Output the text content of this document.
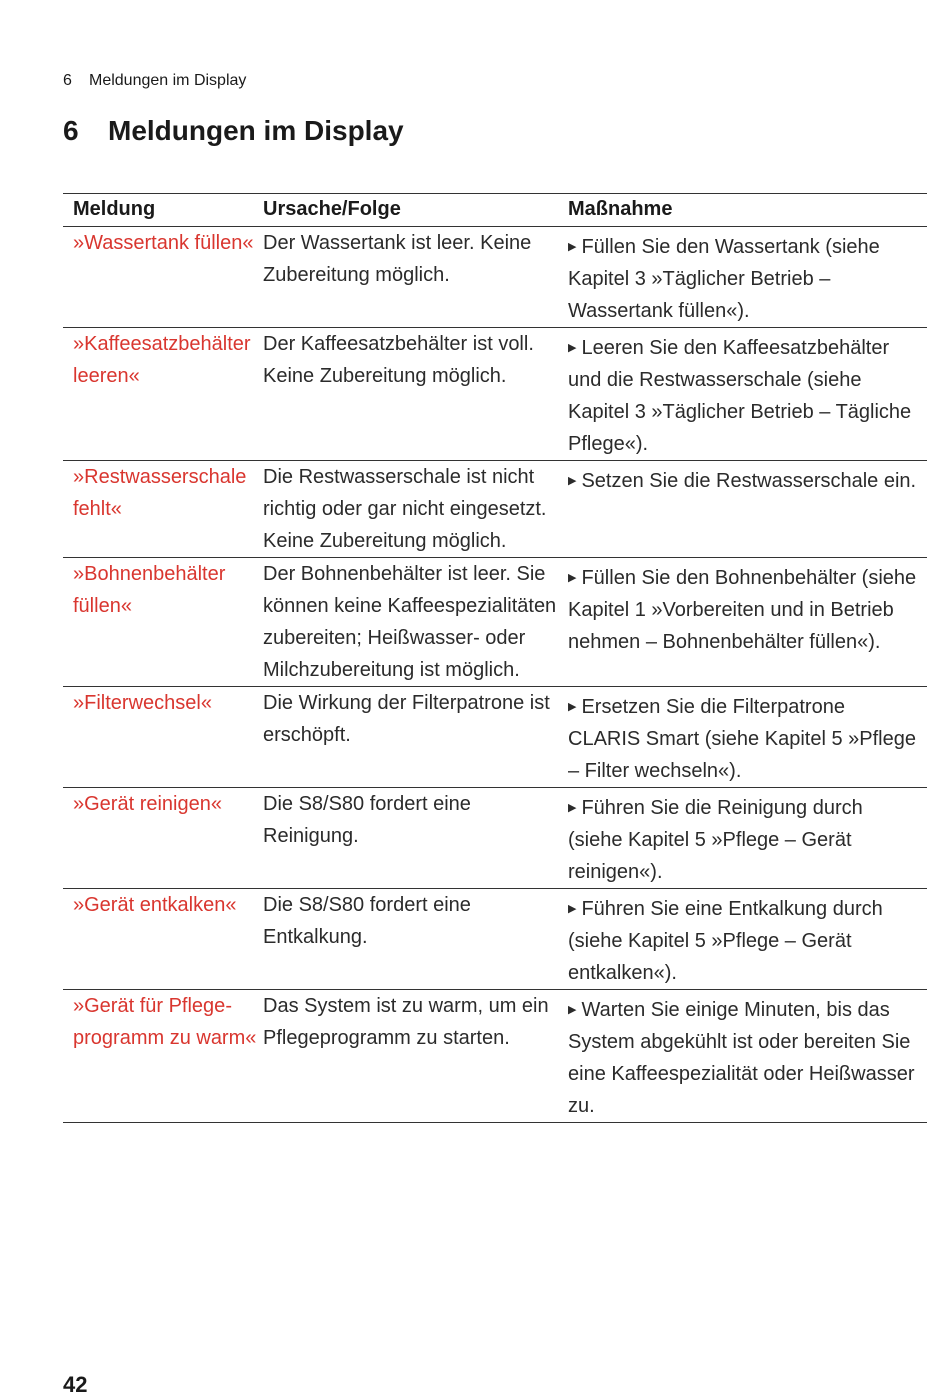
6 Meldungen im Display
6 Meldungen im Display
Meldung	Ursache/Folge	Maßnahme
»Wassertank füllen«	Der Wassertank ist leer. Keine Zubereitung möglich.	▶ Füllen Sie den Wassertank (siehe Kapitel 3 »Täglicher Betrieb – Wassertank füllen«).
»Kaffeesatzbehälter leeren«	Der Kaffeesatzbehälter ist voll. Keine Zubereitung möglich.	▶ Leeren Sie den Kaffeesatzbehälter und die Restwasserschale (siehe Kapitel 3 »Täglicher Betrieb – Tägliche Pflege«).
»Restwasserschale fehlt«	Die Restwasserschale ist nicht richtig oder gar nicht eingesetzt. Keine Zubereitung möglich.	▶ Setzen Sie die Restwasserschale ein.
»Bohnenbehälter füllen«	Der Bohnenbehälter ist leer. Sie können keine Kaffeespezialitäten zubereiten; Heißwasser- oder Milchzubereitung ist möglich.	▶ Füllen Sie den Bohnenbehälter (siehe Kapitel 1 »Vorbereiten und in Betrieb nehmen – Bohnenbehälter füllen«).
»Filterwechsel«	Die Wirkung der Filterpatrone ist erschöpft.	▶ Ersetzen Sie die Filterpatrone CLARIS Smart (siehe Kapitel 5 »Pflege – Filter wechseln«).
»Gerät reinigen«	Die S8/S80 fordert eine Reinigung.	▶ Führen Sie die Reinigung durch (siehe Kapitel 5 »Pflege – Gerät reinigen«).
»Gerät entkalken«	Die S8/S80 fordert eine Entkalkung.	▶ Führen Sie eine Entkalkung durch (siehe Kapitel 5 »Pflege – Gerät entkalken«).
»Gerät für Pflegeprogramm zu warm«	Das System ist zu warm, um ein Pflegeprogramm zu starten.	▶ Warten Sie einige Minuten, bis das System abgekühlt ist oder bereiten Sie eine Kaffeespezialität oder Heißwasser zu.
42
